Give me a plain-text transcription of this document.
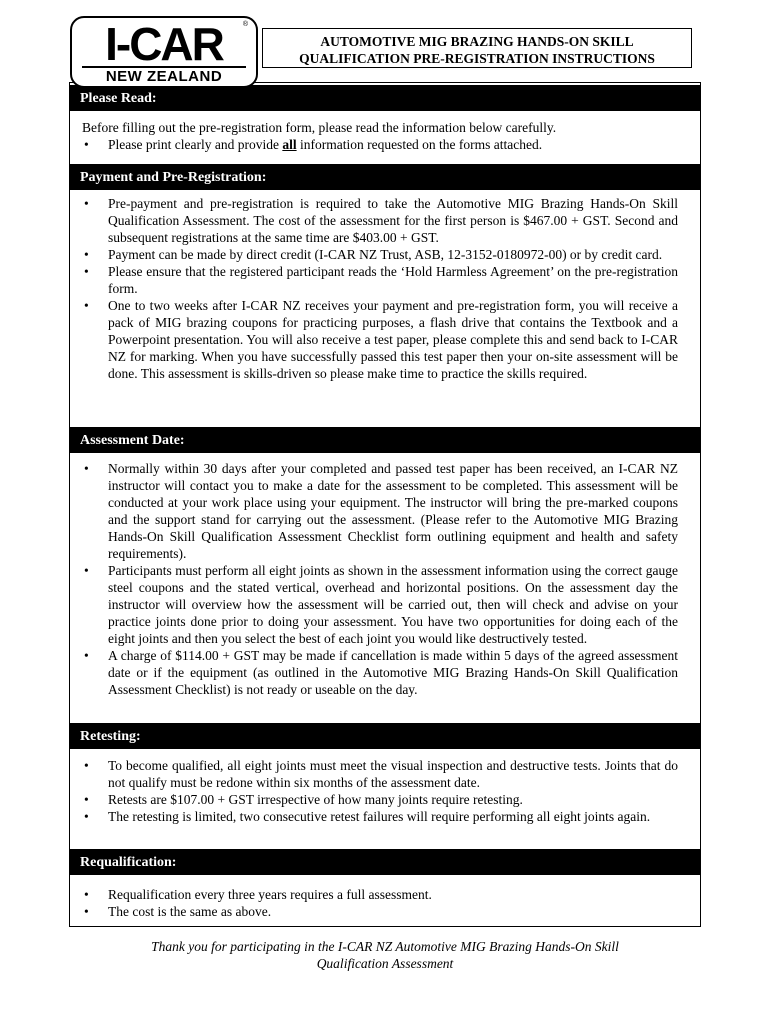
I-CAR	®
NEW ZEALAND
AUTOMOTIVE MIG BRAZING HANDS-ON SKILL
QUALIFICATION PRE-REGISTRATION INSTRUCTIONS
Please Read:

Before filling out the pre-registration form, please read the information below carefully.

• Please print clearly and provide all information requested on the forms attached.
Payment and Pre-Registration:
• Pre-payment and pre-registration is required to take the Automotive MIG Brazing Hands-On Skill Qualification Assessment. The cost of the assessment for the first person is $467.00 + GST. Second and subsequent registrations at the same time are $403.00 + GST.
• Payment can be made by direct credit (I-CAR NZ Trust, ASB, 12-3152-0180972-00) or by credit card.
• Please ensure that the registered participant reads the ‘Hold Harmless Agreement’ on the pre-registration form.
• One to two weeks after I-CAR NZ receives your payment and pre-registration form, you will receive a pack of MIG brazing coupons for practicing purposes, a flash drive that contains the Textbook and a Powerpoint presentation. You will also receive a test paper, please complete this and send back to I-CAR NZ for marking. When you have successfully passed this test paper then your on-site assessment will be done. This assessment is skills-driven so please make time to practice the skills required.
Assessment Date:
• Normally within 30 days after your completed and passed test paper has been received, an I-CAR NZ instructor will contact you to make a date for the assessment to be completed. This assessment will be conducted at your work place using your equipment. The instructor will bring the pre-marked coupons and the support stand for carrying out the assessment. (Please refer to the Automotive MIG Brazing Hands-On Skill Qualification Assessment Checklist form outlining equipment and health and safety requirements).
• Participants must perform all eight joints as shown in the assessment information using the correct gauge steel coupons and the stated vertical, overhead and horizontal positions. On the assessment day the instructor will overview how the assessment will be carried out, then will check and advise on your practice joints done prior to doing your assessment. You have two opportunities for doing each of the eight joints and then you select the best of each joint you would like destructively tested.
• A charge of $114.00 + GST may be made if cancellation is made within 5 days of the agreed assessment date or if the equipment (as outlined in the Automotive MIG Brazing Hands-On Skill Qualification Assessment Checklist) is not ready or useable on the day.
Retesting:
• To become qualified, all eight joints must meet the visual inspection and destructive tests. Joints that do not qualify must be redone within six months of the assessment date.
• Retests are $107.00 + GST irrespective of how many joints require retesting.
• The retesting is limited, two consecutive retest failures will require performing all eight joints again.
Requalification:
• Requalification every three years requires a full assessment.
• The cost is the same as above.
Thank you for participating in the I-CAR NZ Automotive MIG Brazing Hands-On Skill
Qualification Assessment
